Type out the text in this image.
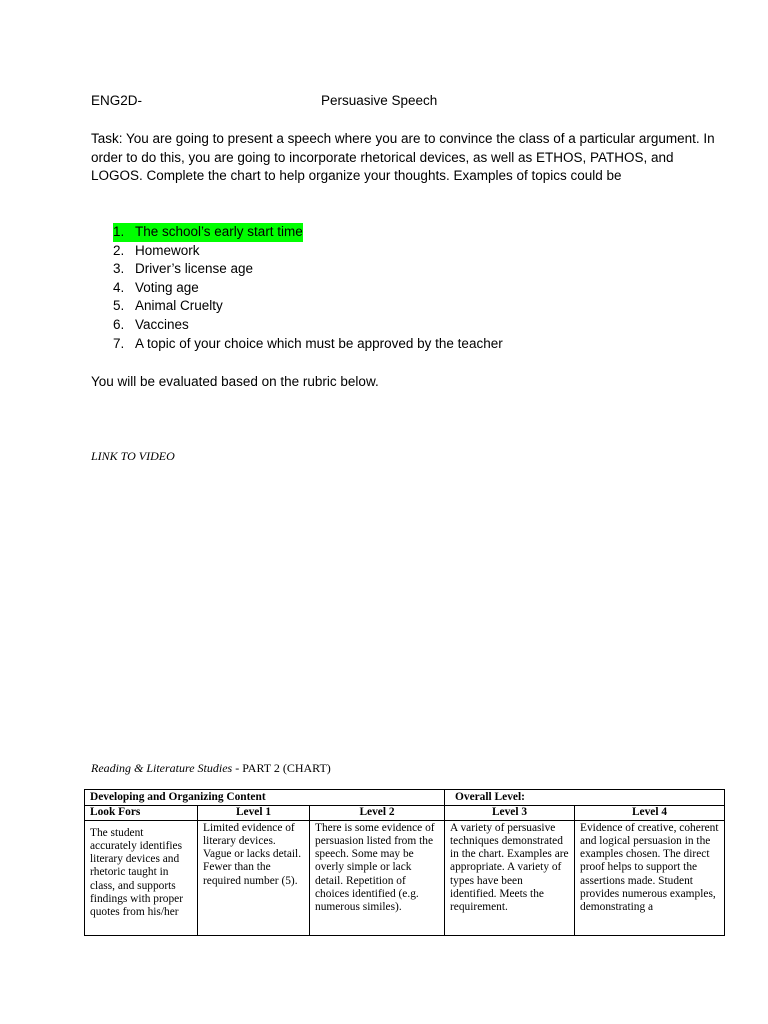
ENG2D-	Persuasive Speech

Task: You are going to present a speech where you are to convince the class of a particular argument. In order to do this, you are going to incorporate rhetorical devices, as well as ETHOS, PATHOS, and LOGOS. Complete the chart to help organize your thoughts. Examples of topics could be

1. The school’s early start time
2. Homework
3. Driver’s license age
4. Voting age
5. Animal Cruelty
6. Vaccines
7. A topic of your choice which must be approved by the teacher

You will be evaluated based on the rubric below.

LINK TO VIDEO
Reading & Literature Studies - PART 2 (CHART)
Developing and Organizing Content			Overall Level:	
Look Fors	Level 1	Level 2	Level 3	Level 4
The student accurately identifies literary devices and rhetoric taught in class, and supports findings with proper quotes from his/her	Limited evidence of literary devices. Vague or lacks detail. Fewer than the required number (5).	There is some evidence of persuasion listed from the speech. Some may be overly simple or lack detail. Repetition of choices identified (e.g. numerous similes).	A variety of persuasive techniques demonstrated in the chart. Examples are appropriate. A variety of types have been identified. Meets the requirement.	Evidence of creative, coherent and logical persuasion in the examples chosen. The direct proof helps to support the assertions made. Student provides numerous examples, demonstrating a
